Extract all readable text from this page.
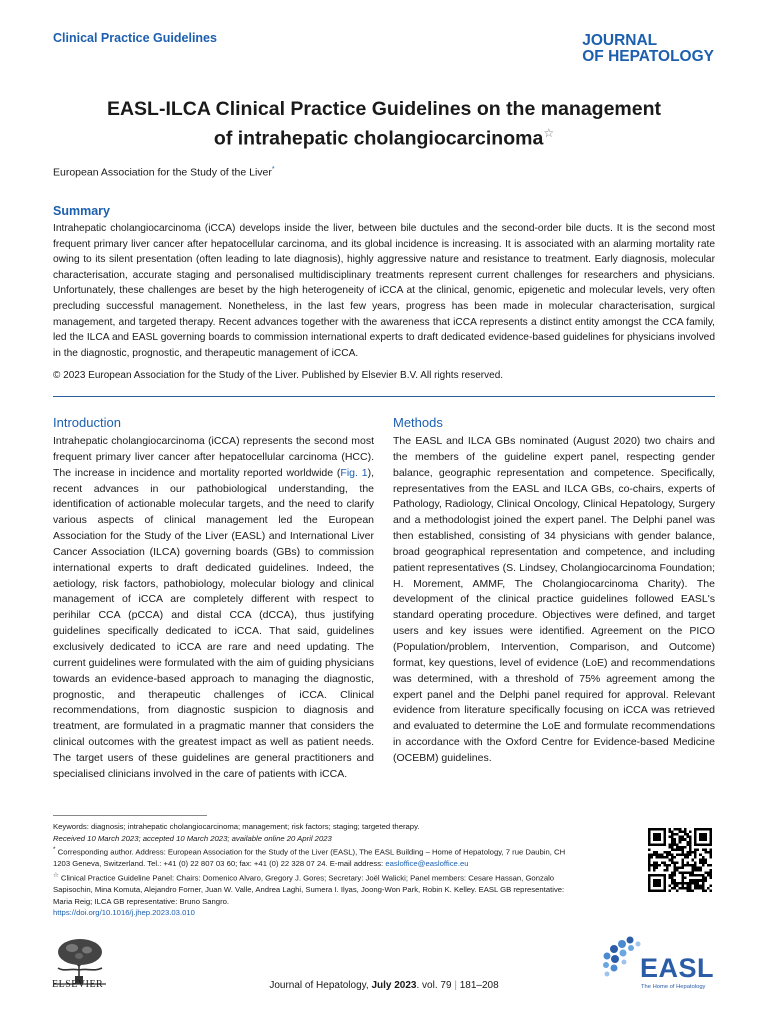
Clinical Practice Guidelines	JOURNAL
OF HEPATOLOGY
EASL-ILCA Clinical Practice Guidelines on the management
of intrahepatic cholangiocarcinoma☆
European Association for the Study of the Liver*
Summary
Intrahepatic cholangiocarcinoma (iCCA) develops inside the liver, between bile ductules and the second-order bile ducts. It is the second most frequent primary liver cancer after hepatocellular carcinoma, and its global incidence is increasing. It is associated with an alarming mortality rate owing to its silent presentation (often leading to late diagnosis), highly aggressive nature and resistance to treatment. Early diagnosis, molecular characterisation, accurate staging and personalised multidisciplinary treatments represent current challenges for researchers and physicians. Unfortunately, these challenges are beset by the high heterogeneity of iCCA at the clinical, genomic, epigenetic and molecular levels, very often precluding successful management. Nonetheless, in the last few years, progress has been made in molecular characterisation, surgical management, and targeted therapy. Recent advances together with the awareness that iCCA represents a distinct entity amongst the CCA family, led the ILCA and EASL governing boards to commission international experts to draft dedicated evidence-based guidelines for physicians involved in the diagnostic, prognostic, and therapeutic management of iCCA.
© 2023 European Association for the Study of the Liver. Published by Elsevier B.V. All rights reserved.
Introduction
Intrahepatic cholangiocarcinoma (iCCA) represents the second most frequent primary liver cancer after hepatocellular carcinoma (HCC). The increase in incidence and mortality reported worldwide (Fig. 1), recent advances in our pathobiological understanding, the identification of actionable molecular targets, and the need to clarify various aspects of clinical management led the European Association for the Study of the Liver (EASL) and International Liver Cancer Association (ILCA) governing boards (GBs) to commission international experts to draft dedicated guidelines. Indeed, the aetiology, risk factors, pathobiology, molecular biology and clinical management of iCCA are completely different with respect to perihilar CCA (pCCA) and distal CCA (dCCA), thus justifying guidelines specifically dedicated to iCCA. That said, guidelines exclusively dedicated to iCCA are rare and need updating. The current guidelines were formulated with the aim of guiding physicians towards an evidence-based approach to managing the diagnostic, prognostic, and therapeutic challenges of iCCA. Clinical recommendations, from diagnostic suspicion to diagnosis and treatment, are formulated in a pragmatic manner that considers the clinical outcomes with the greatest impact as well as patient needs. The target users of these guidelines are general practitioners and specialised clinicians involved in the care of patients with iCCA.
Methods
The EASL and ILCA GBs nominated (August 2020) two chairs and the members of the guideline expert panel, respecting gender balance, geographic representation and competence. Specifically, representatives from the EASL and ILCA GBs, co-chairs, experts of Pathology, Radiology, Clinical Oncology, Clinical Hepatology, Surgery and a methodologist joined the expert panel. The Delphi panel was then established, consisting of 34 physicians with gender balance, broad geographical representation and competence, and including patient representatives (S. Lindsey, Cholangiocarcinoma Foundation; H. Morement, AMMF, The Cholangiocarcinoma Charity). The development of the clinical practice guidelines followed EASL's standard operating procedure. Objectives were defined, and target users and key issues were identified. Agreement on the PICO (Population/problem, Intervention, Comparison, and Outcome) format, key questions, level of evidence (LoE) and recommendations was determined, with a threshold of 75% agreement among the expert panel and the Delphi panel required for approval. Relevant evidence from literature specifically focusing on iCCA was retrieved and evaluated to determine the LoE and formulate recommendations in accordance with the Oxford Centre for Evidence-based Medicine (OCEBM) guidelines.
Keywords: diagnosis; intrahepatic cholangiocarcinoma; management; risk factors; staging; targeted therapy.
Received 10 March 2023; accepted 10 March 2023; available online 20 April 2023
* Corresponding author. Address: European Association for the Study of the Liver (EASL), The EASL Building – Home of Hepatology, 7 rue Daubin, CH
1203 Geneva, Switzerland. Tel.: +41 (0) 22 807 03 60; fax: +41 (0) 22 328 07 24. E-mail address: easloffice@easloffice.eu
☆ Clinical Practice Guideline Panel: Chairs: Domenico Alvaro, Gregory J. Gores; Secretary: Joël Walicki; Panel members: Cesare Hassan, Gonzalo
Sapisochin, Mina Komuta, Alejandro Forner, Juan W. Valle, Andrea Laghi, Sumera I. Ilyas, Joong-Won Park, Robin K. Kelley. EASL GB representative:
Maria Reig; ILCA GB representative: Bruno Sangro.
https://doi.org/10.1016/j.jhep.2023.03.010
ELSEVIER	Journal of Hepatology, July 2023. vol. 79 | 181–208
EASL
The Home of Hepatology
